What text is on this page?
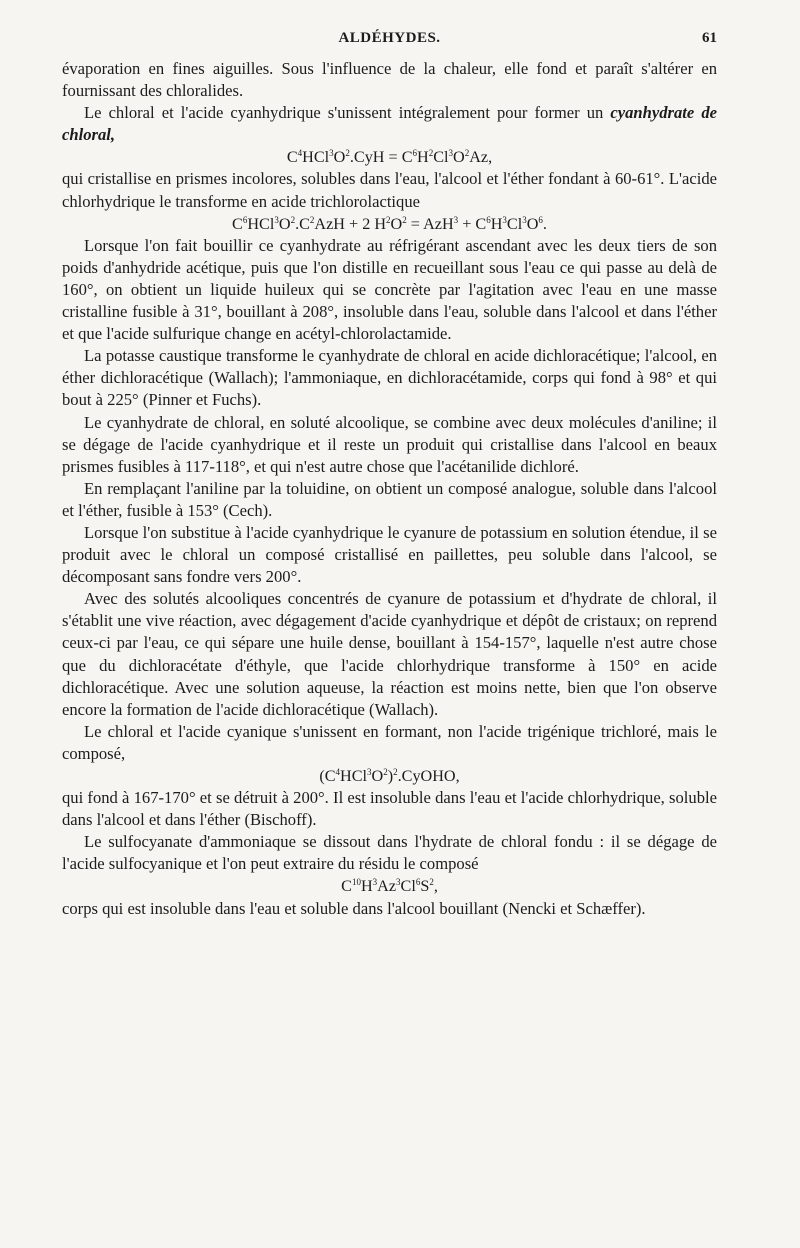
ALDÉHYDES.	61

évaporation en fines aiguilles. Sous l'influence de la chaleur, elle fond et paraît s'altérer en fournissant des chloralides.

Le chloral et l'acide cyanhydrique s'unissent intégralement pour former un cyanhydrate de chloral,

$C^4HCl^3O^2.CyH = C^6H^2Cl^3O^2Az$,

qui cristallise en prismes incolores, solubles dans l'eau, l'alcool et l'éther fondant à 60-61°. L'acide chlorhydrique le transforme en acide trichlorolactique

$C^6HCl^3O^2.C^2AzH + 2$ $H^2O^2 = AzH^3 + C^6H^3Cl^3O^6$.

Lorsque l'on fait bouillir ce cyanhydrate au réfrigérant ascendant avec les deux tiers de son poids d'anhydride acétique, puis que l'on distille en recueillant sous l'eau ce qui passe au delà de 160°, on obtient un liquide huileux qui se concrète par l'agitation avec l'eau en une masse cristalline fusible à 31°, bouillant à 208°, insoluble dans l'eau, soluble dans l'alcool et dans l'éther et que l'acide sulfurique change en acétyl-chlorolactamide.

La potasse caustique transforme le cyanhydrate de chloral en acide dichloracétique; l'alcool, en éther dichloracétique (Wallach); l'ammoniaque, en dichloracétamide, corps qui fond à 98° et qui bout à 225° (Pinner et Fuchs).

Le cyanhydrate de chloral, en soluté alcoolique, se combine avec deux molécules d'aniline; il se dégage de l'acide cyanhydrique et il reste un produit qui cristallise dans l'alcool en beaux prismes fusibles à 117-118°, et qui n'est autre chose que l'acétanilide dichloré.

En remplaçant l'aniline par la toluidine, on obtient un composé analogue, soluble dans l'alcool et l'éther, fusible à 153° (Cech).

Lorsque l'on substitue à l'acide cyanhydrique le cyanure de potassium en solution étendue, il se produit avec le chloral un composé cristallisé en paillettes, peu soluble dans l'alcool, se décomposant sans fondre vers 200°.

Avec des solutés alcooliques concentrés de cyanure de potassium et d'hydrate de chloral, il s'établit une vive réaction, avec dégagement d'acide cyanhydrique et dépôt de cristaux; on reprend ceux-ci par l'eau, ce qui sépare une huile dense, bouillant à 154-157°, laquelle n'est autre chose que du dichloracétate d'éthyle, que l'acide chlorhydrique transforme à 150° en acide dichloracétique. Avec une solution aqueuse, la réaction est moins nette, bien que l'on observe encore la formation de l'acide dichloracétique (Wallach).

Le chloral et l'acide cyanique s'unissent en formant, non l'acide trigénique trichloré, mais le composé,

$(C^4HCl^3O^2)^2.CyOHO$,

qui fond à 167-170° et se détruit à 200°. Il est insoluble dans l'eau et l'acide chlorhydrique, soluble dans l'alcool et dans l'éther (Bischoff).

Le sulfocyanate d'ammoniaque se dissout dans l'hydrate de chloral fondu : il se dégage de l'acide sulfocyanique et l'on peut extraire du résidu le composé

$C^{10}H^3Az^3Cl^6S^2$,

corps qui est insoluble dans l'eau et soluble dans l'alcool bouillant (Nencki et Schæffer).
